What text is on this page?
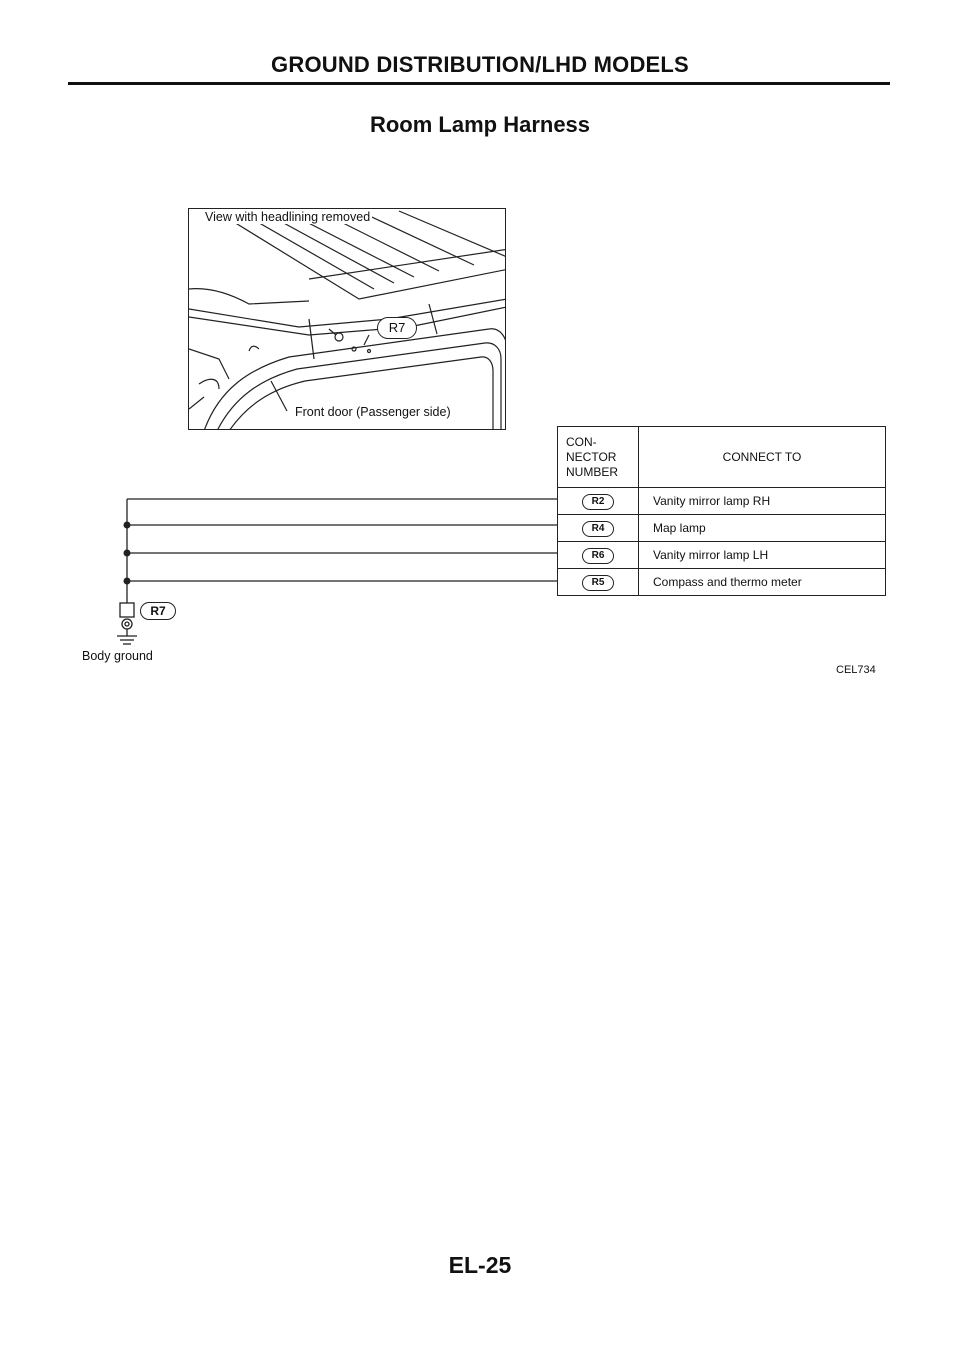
GROUND DISTRIBUTION/LHD MODELS
Room Lamp Harness
View with headlining removed
R7
Front door (Passenger side)
R7
Body ground
CON-
NECTOR
NUMBER	CONNECT TO
R2	Vanity mirror lamp RH
R4	Map lamp
R6	Vanity mirror lamp LH
R5	Compass and thermo meter
CEL734
EL-25
